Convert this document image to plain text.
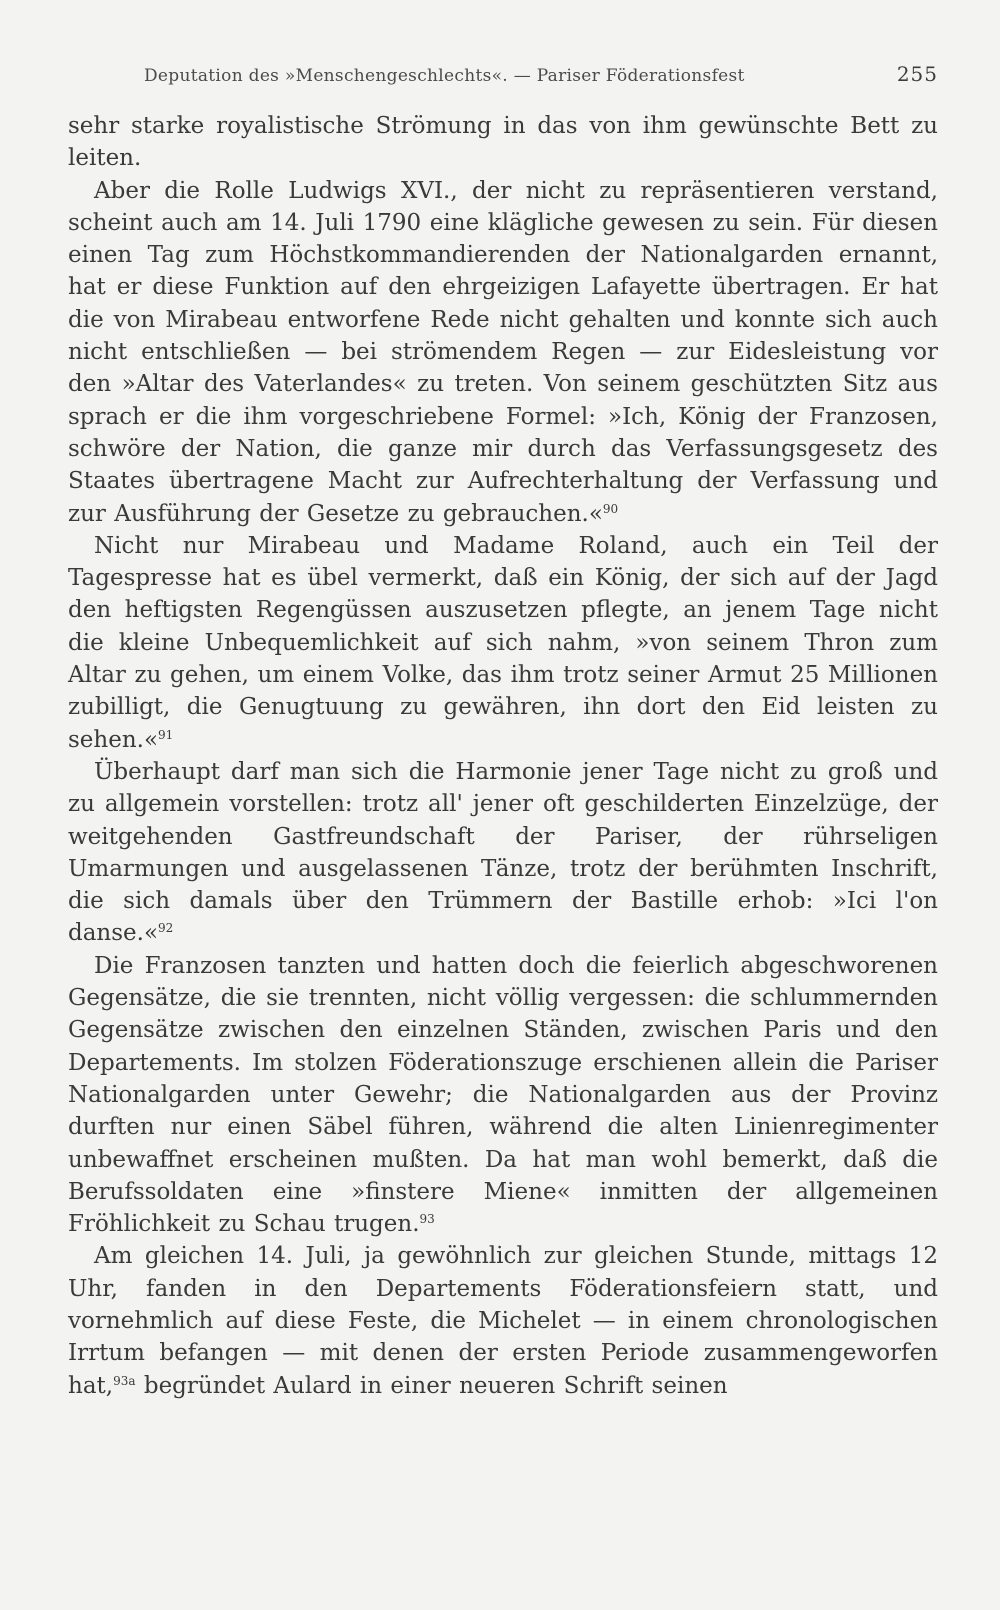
Deputation des »Menschengeschlechts«. — Pariser Föderationsfest	255

sehr starke royalistische Strömung in das von ihm gewünschte Bett zu leiten.

Aber die Rolle Ludwigs XVI., der nicht zu repräsentieren verstand, scheint auch am 14. Juli 1790 eine klägliche gewesen zu sein. Für diesen einen Tag zum Höchstkommandierenden der Nationalgarden ernannt, hat er diese Funktion auf den ehrgeizigen Lafayette übertragen. Er hat die von Mirabeau entworfene Rede nicht gehalten und konnte sich auch nicht entschließen — bei strömendem Regen — zur Eidesleistung vor den »Altar des Vaterlandes« zu treten. Von seinem geschützten Sitz aus sprach er die ihm vorgeschriebene Formel: »Ich, König der Franzosen, schwöre der Nation, die ganze mir durch das Verfassungsgesetz des Staates übertragene Macht zur Aufrechterhaltung der Verfassung und zur Ausführung der Gesetze zu gebrauchen.«$^{90}$

Nicht nur Mirabeau und Madame Roland, auch ein Teil der Tagespresse hat es übel vermerkt, daß ein König, der sich auf der Jagd den heftigsten Regengüssen auszusetzen pflegte, an jenem Tage nicht die kleine Unbequemlichkeit auf sich nahm, »von seinem Thron zum Altar zu gehen, um einem Volke, das ihm trotz seiner Armut 25 Millionen zubilligt, die Genugtuung zu gewähren, ihn dort den Eid leisten zu sehen.«$^{91}$

Überhaupt darf man sich die Harmonie jener Tage nicht zu groß und zu allgemein vorstellen: trotz all' jener oft geschilderten Einzelzüge, der weitgehenden Gastfreundschaft der Pariser, der rührseligen Umarmungen und ausgelassenen Tänze, trotz der berühmten Inschrift, die sich damals über den Trümmern der Bastille erhob: »Ici l'on danse.«$^{92}$

Die Franzosen tanzten und hatten doch die feierlich abgeschworenen Gegensätze, die sie trennten, nicht völlig vergessen: die schlummernden Gegensätze zwischen den einzelnen Ständen, zwischen Paris und den Departements. Im stolzen Föderationszuge erschienen allein die Pariser Nationalgarden unter Gewehr; die Nationalgarden aus der Provinz durften nur einen Säbel führen, während die alten Linienregimenter unbewaffnet erscheinen mußten. Da hat man wohl bemerkt, daß die Berufssoldaten eine »finstere Miene« inmitten der allgemeinen Fröhlichkeit zu Schau trugen.$^{93}$

Am gleichen 14. Juli, ja gewöhnlich zur gleichen Stunde, mittags 12 Uhr, fanden in den Departements Föderationsfeiern statt, und vornehmlich auf diese Feste, die Michelet — in einem chronologischen Irrtum befangen — mit denen der ersten Periode zusammengeworfen hat,$^{93a}$ begründet Aulard in einer neueren Schrift seinen
